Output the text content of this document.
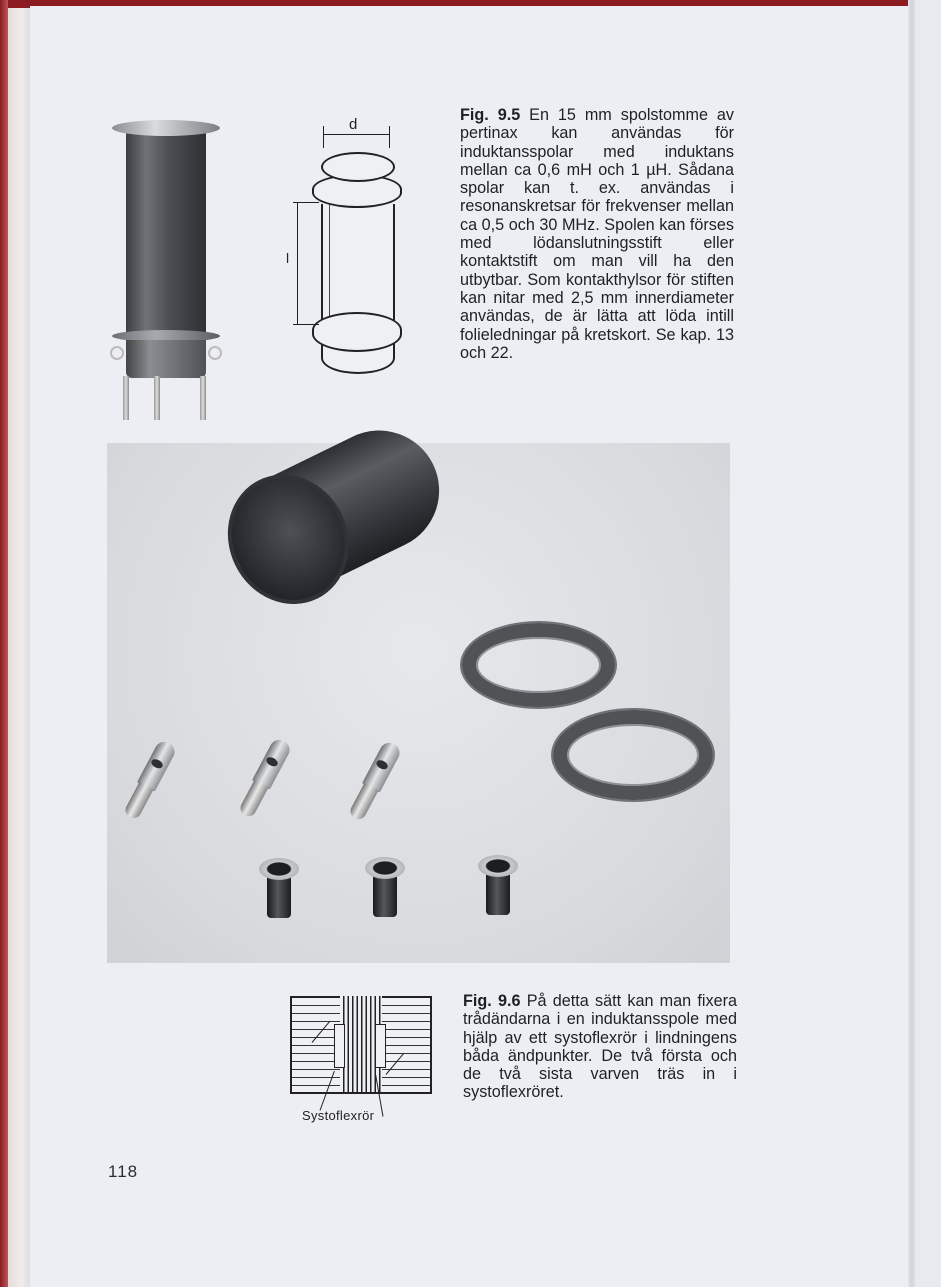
d
l
Fig. 9.5 En 15 mm spolstomme av pertinax kan användas för induktansspolar med induktans mellan ca 0,6 mH och 1 µH. Sådana spolar kan t. ex. användas i resonanskretsar för frekvenser mellan ca 0,5 och 30 MHz. Spolen kan förses med lödanslutningsstift eller kontaktstift om man vill ha den utbytbar. Som kontakthylsor för stiften kan nitar med 2,5 mm innerdiameter användas, de är lätta att löda intill folieledningar på kretskort. Se kap. 13 och 22.
Systoflexrör
Fig. 9.6 På detta sätt kan man fixera trådändarna i en induktansspole med hjälp av ett systoflexrör i lindningens båda ändpunkter. De två första och de två sista varven träs in i systoflexröret.
118
